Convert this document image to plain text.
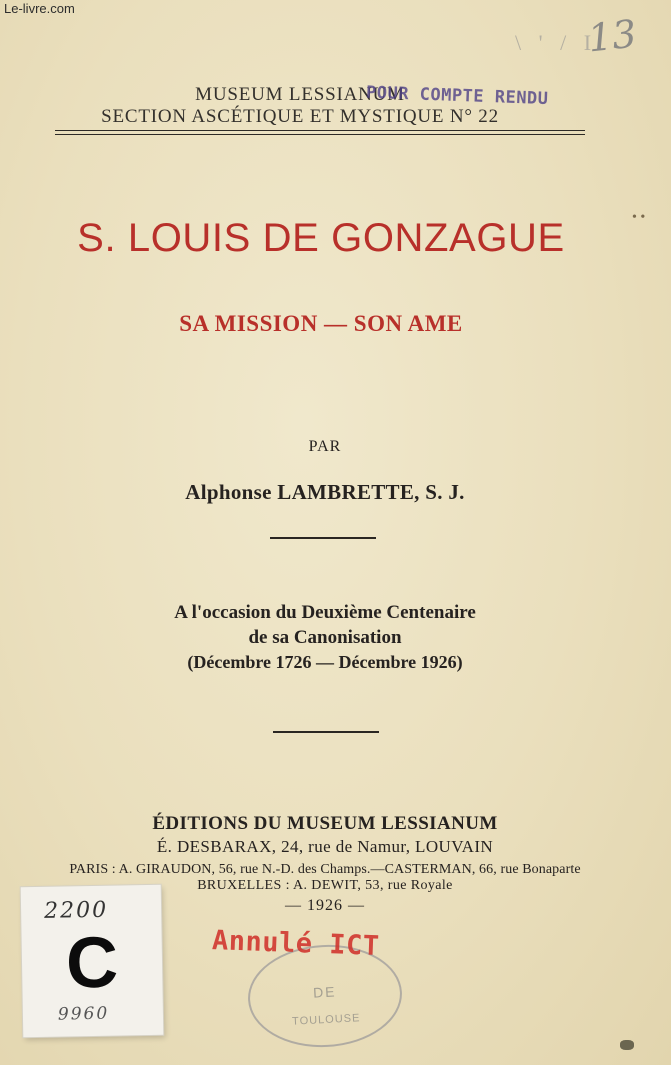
Le-livre.com
13
\ ' / I
MUSEUM LESSIANUM
SECTION ASCÉTIQUE ET MYSTIQUE N° 22
POUR COMPTE RENDU
• •
S. LOUIS DE GONZAGUE
SA MISSION — SON AME
PAR
Alphonse LAMBRETTE, S. J.
A l'occasion du Deuxième Centenaire
de sa Canonisation
(Décembre 1726 — Décembre 1926)
ÉDITIONS DU MUSEUM LESSIANUM
É. DESBARAX, 24, rue de Namur, LOUVAIN
PARIS : A. GIRAUDON, 56, rue N.-D. des Champs.—CASTERMAN, 66, rue Bonaparte
BRUXELLES : A. DEWIT, 53, rue Royale
— 1926 —
2200
C
9960
DE
TOULOUSE
Annulé ICT
